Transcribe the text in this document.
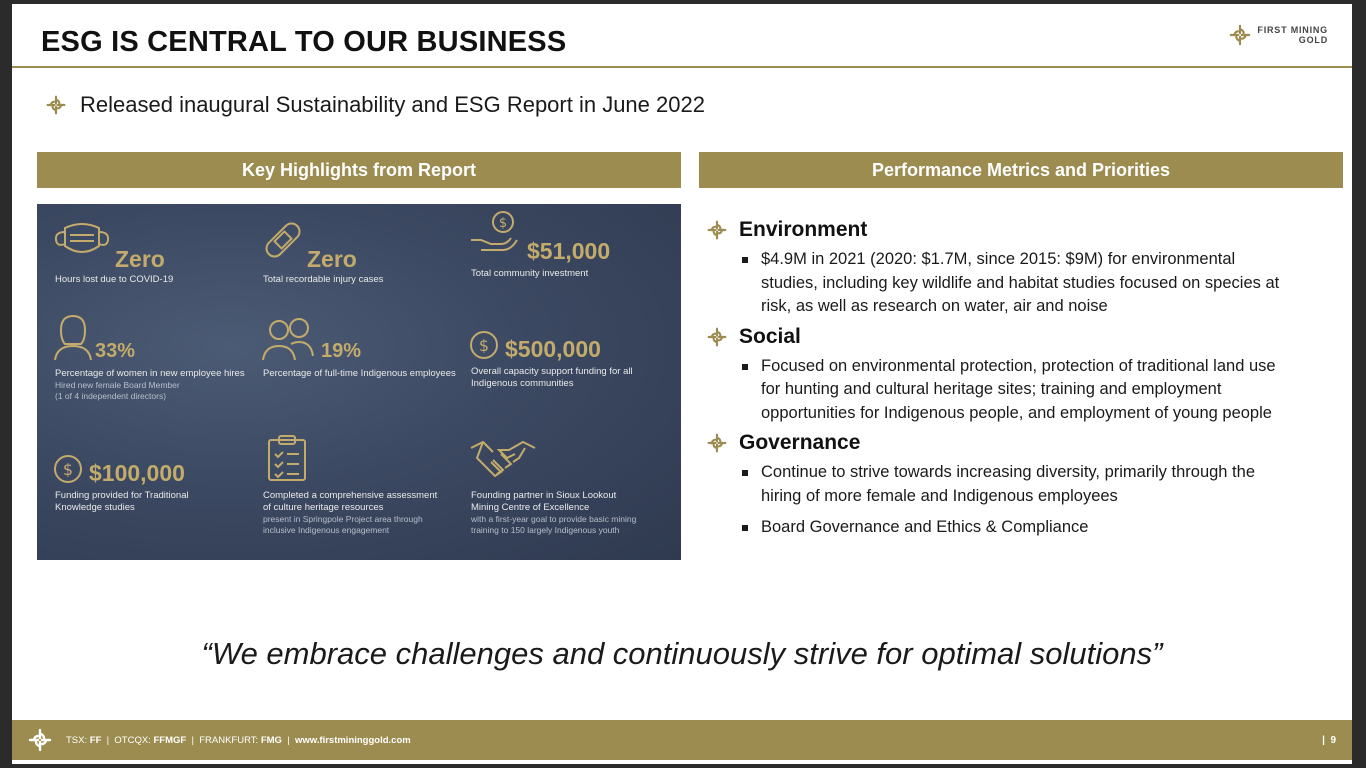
ESG IS CENTRAL TO OUR BUSINESS	FIRST MINING
GOLD
Released inaugural Sustainability and ESG Report in June 2022
Key Highlights from Report	Performance Metrics and Priorities
Zero
Hours lost due to COVID-19
Zero
Total recordable injury cases
$
$51,000
Total community investment
33%
Percentage of women in new employee hires
Hired new female Board Member
(1 of 4 independent directors)
19%
Percentage of full-time Indigenous employees
$ $500,000
Overall capacity support funding for all
Indigenous communities
$ $100,000
Funding provided for Traditional
Knowledge studies
Completed a comprehensive assessment
of culture heritage resources
present in Springpole Project area through
inclusive Indigenous engagement
Founding partner in Sioux Lookout
Mining Centre of Excellence
with a first-year goal to provide basic mining
training to 150 largely Indigenous youth
Environment
$4.9M in 2021 (2020: $1.7M, since 2015: $9M) for environmental
studies, including key wildlife and habitat studies focused on species at
risk, as well as research on water, air and noise
Social
Focused on environmental protection, protection of traditional land use
for hunting and cultural heritage sites; training and employment
opportunities for Indigenous people, and employment of young people
Governance
Continue to strive towards increasing diversity, primarily through the
hiring of more female and Indigenous employees
Board Governance and Ethics & Compliance
“We embrace challenges and continuously strive for optimal solutions”
TSX: FF | OTCQX: FFMGF | FRANKFURT: FMG | www.firstmininggold.com	| 9
